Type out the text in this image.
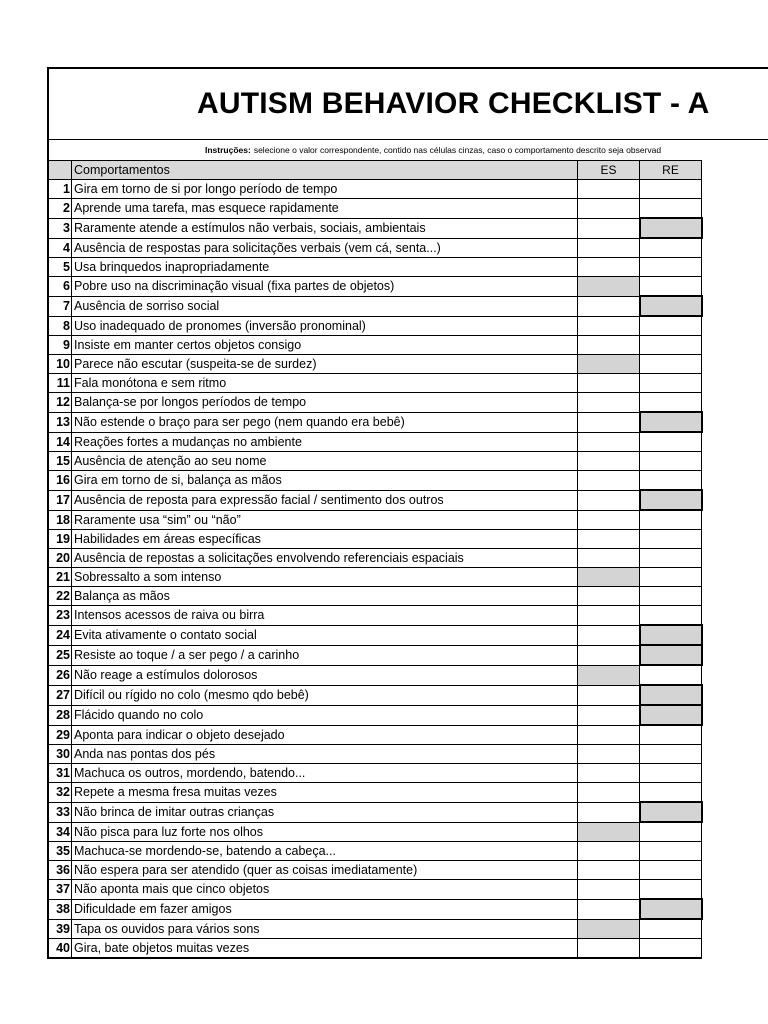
AUTISM BEHAVIOR CHECKLIST - A
Instruções: selecione o valor correspondente, contido nas células cinzas, caso o comportamento descrito seja observad
	Comportamentos	ES	RE
1	Gira em torno de si por longo período de tempo		
2	Aprende uma tarefa, mas esquece rapidamente		
3	Raramente atende a estímulos não verbais, sociais, ambientais		
4	Ausência de respostas para solicitações verbais (vem cá, senta...)		
5	Usa brinquedos inapropriadamente		
6	Pobre uso na discriminação visual (fixa partes de objetos)		
7	Ausência de sorriso social		
8	Uso inadequado de pronomes (inversão pronominal)		
9	Insiste em manter certos objetos consigo		
10	Parece não escutar (suspeita-se de surdez)		
11	Fala monótona e sem ritmo		
12	Balança-se por longos períodos de tempo		
13	Não estende o braço para ser pego (nem quando era bebê)		
14	Reações fortes a mudanças no ambiente		
15	Ausência de atenção ao seu nome		
16	Gira em torno de si, balança as mãos		
17	Ausência de reposta para expressão facial / sentimento dos outros		
18	Raramente usa “sim” ou “não”		
19	Habilidades em áreas específicas		
20	Ausência de repostas a solicitações envolvendo referenciais espaciais		
21	Sobressalto a som intenso		
22	Balança as mãos		
23	Intensos acessos de raiva ou birra		
24	Evita ativamente o contato social		
25	Resiste ao toque / a ser pego / a carinho		
26	Não reage a estímulos dolorosos		
27	Difícil ou rígido no colo (mesmo qdo bebê)		
28	Flácido quando no colo		
29	Aponta para indicar o objeto desejado		
30	Anda nas pontas dos pés		
31	Machuca os outros, mordendo, batendo...		
32	Repete a mesma fresa muitas vezes		
33	Não brinca de imitar outras crianças		
34	Não pisca para luz forte nos olhos		
35	Machuca-se mordendo-se, batendo a cabeça...		
36	Não espera para ser atendido (quer as coisas imediatamente)		
37	Não aponta mais que cinco objetos		
38	Dificuldade em fazer amigos		
39	Tapa os ouvidos para vários sons		
40	Gira, bate objetos muitas vezes		
